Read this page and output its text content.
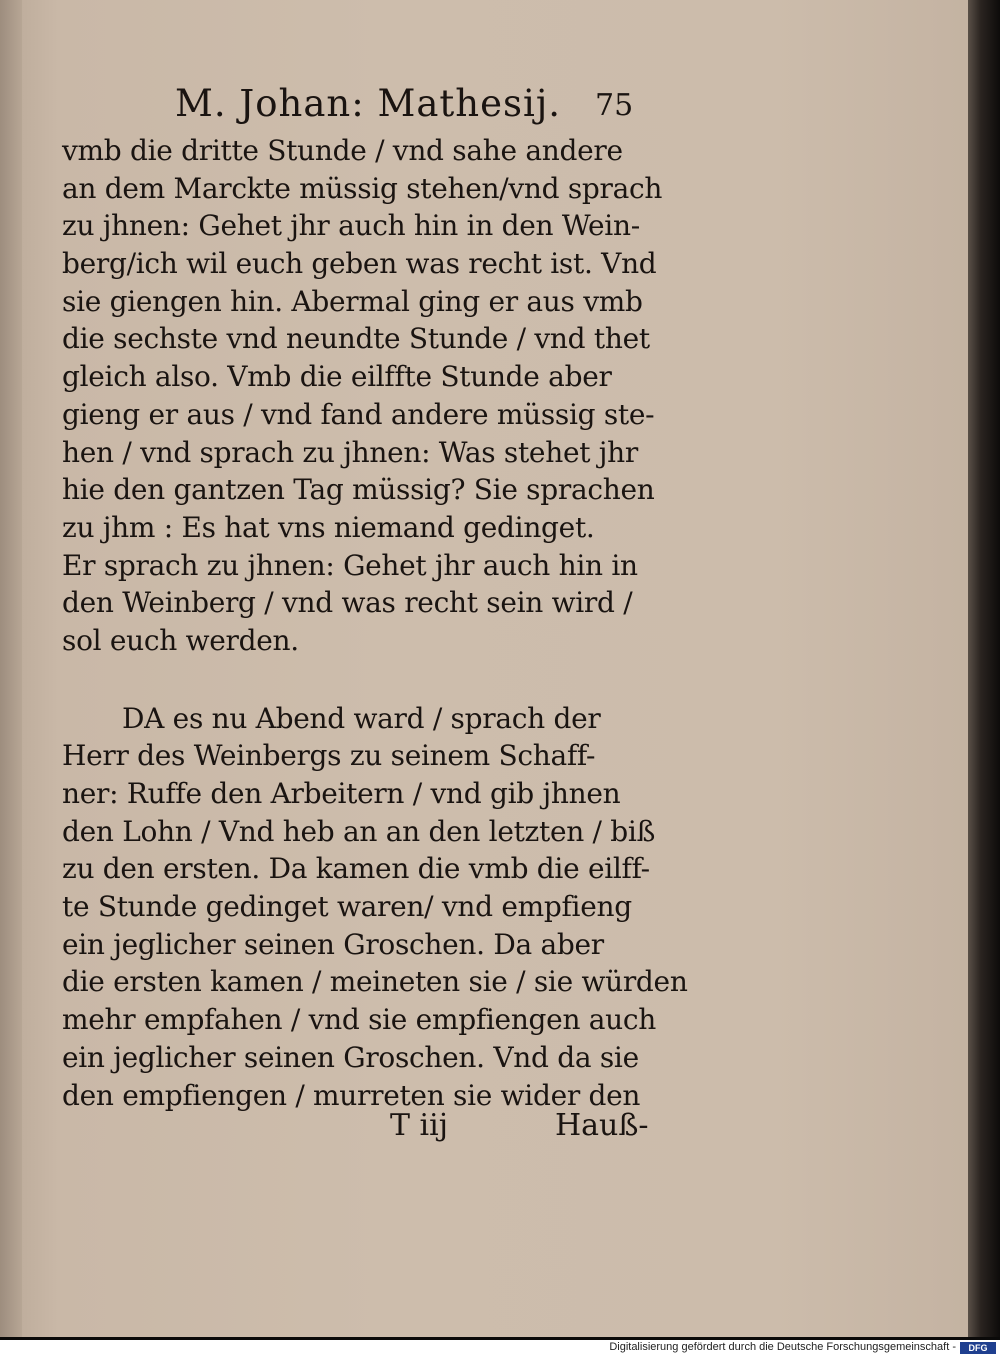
M. Johan: Mathesij. 75
vmb die dritte Stunde / vnd sahe andere
an dem Marckte müssig stehen/vnd sprach
zu jhnen: Gehet jhr auch hin in den Wein-
berg/ich wil euch geben was recht ist. Vnd
sie giengen hin. Abermal ging er aus vmb
die sechste vnd neundte Stunde / vnd thet
gleich also. Vmb die eilffte Stunde aber
gieng er aus / vnd fand andere müssig ste-
hen / vnd sprach zu jhnen: Was stehet jhr
hie den gantzen Tag müssig? Sie sprachen
zu jhm : Es hat vns niemand gedinget.
Er sprach zu jhnen: Gehet jhr auch hin in
den Weinberg / vnd was recht sein wird /
sol euch werden.
DA es nu Abend ward / sprach der
Herr des Weinbergs zu seinem Schaff-
ner: Ruffe den Arbeitern / vnd gib jhnen
den Lohn / Vnd heb an an den letzten / biß
zu den ersten. Da kamen die vmb die eilff-
te Stunde gedinget waren/ vnd empfieng
ein jeglicher seinen Groschen. Da aber
die ersten kamen / meineten sie / sie würden
mehr empfahen / vnd sie empfiengen auch
ein jeglicher seinen Groschen. Vnd da sie
den empfiengen / murreten sie wider den
T iij	Hauß-
Digitalisierung gefördert durch die Deutsche Forschungsgemeinschaft -	DFG
